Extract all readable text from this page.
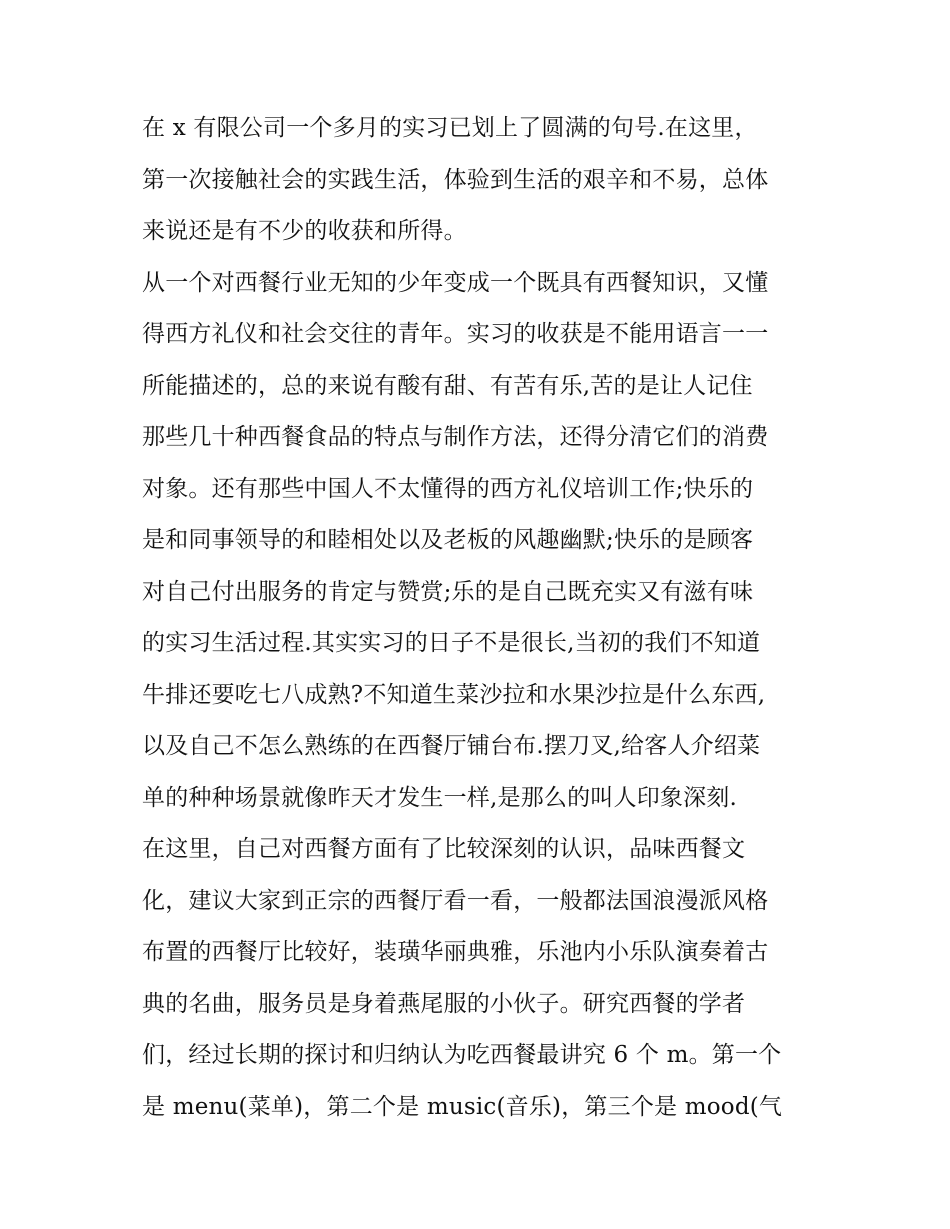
在 x 有限公司一个多月的实习已划上了圆满的句号.在这里，
第一次接触社会的实践生活，体验到生活的艰辛和不易，总体
来说还是有不少的收获和所得。
从一个对西餐行业无知的少年变成一个既具有西餐知识，又懂
得西方礼仪和社会交往的青年。实习的收获是不能用语言一一
所能描述的，总的来说有酸有甜、有苦有乐,苦的是让人记住
那些几十种西餐食品的特点与制作方法，还得分清它们的消费
对象。还有那些中国人不太懂得的西方礼仪培训工作;快乐的
是和同事领导的和睦相处以及老板的风趣幽默;快乐的是顾客
对自己付出服务的肯定与赞赏;乐的是自己既充实又有滋有味
的实习生活过程.其实实习的日子不是很长,当初的我们不知道
牛排还要吃七八成熟?不知道生菜沙拉和水果沙拉是什么东西,
以及自己不怎么熟练的在西餐厅铺台布.摆刀叉,给客人介绍菜
单的种种场景就像昨天才发生一样,是那么的叫人印象深刻.
在这里，自己对西餐方面有了比较深刻的认识，品味西餐文
化，建议大家到正宗的西餐厅看一看，一般都法国浪漫派风格
布置的西餐厅比较好，装璜华丽典雅，乐池内小乐队演奏着古
典的名曲，服务员是身着燕尾服的小伙子。研究西餐的学者
们，经过长期的探讨和归纳认为吃西餐最讲究 6 个 m。第一个
是 menu(菜单)，第二个是 music(音乐)，第三个是 mood(气
